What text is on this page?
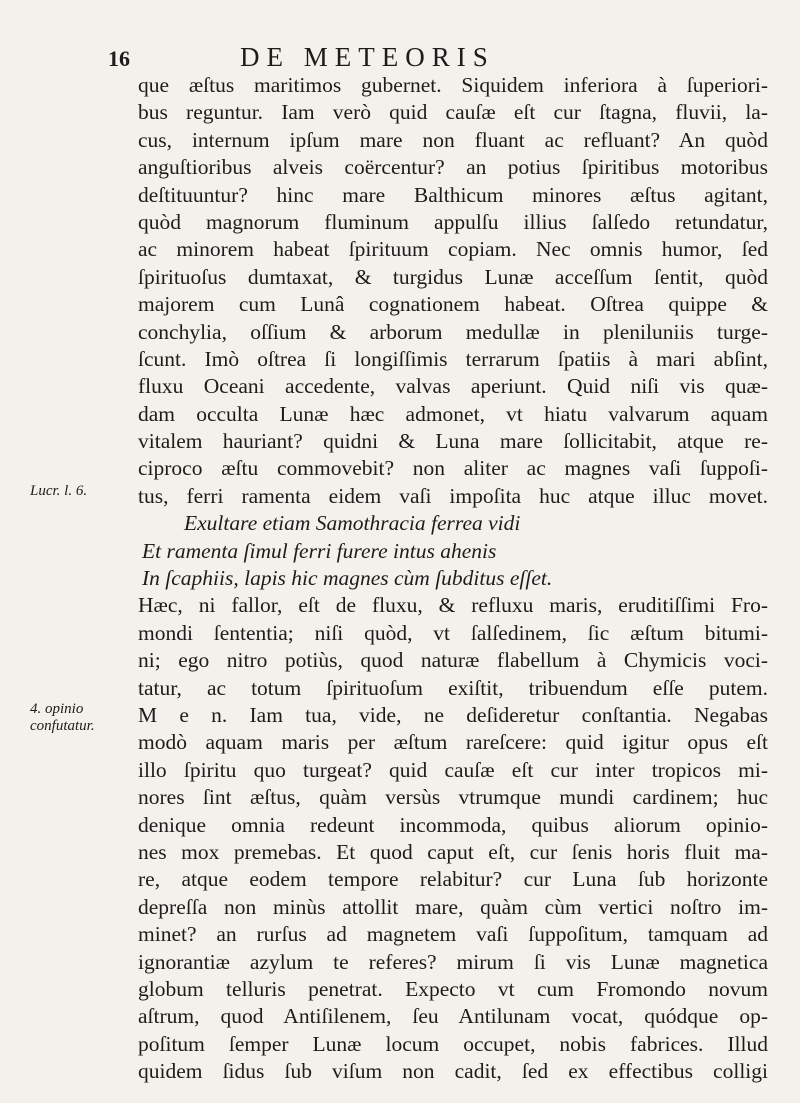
16	DE METEORIS
Lucr. l. 6.
4. opinio confutatur.
que æſtus maritimos gubernet. Siquidem inferiora à ſuperiori-
bus reguntur. Iam verò quid cauſæ eſt cur ſtagna, fluvii, la-
cus, internum ipſum mare non fluant ac refluant? An quòd
anguſtioribus alveis coërcentur? an potius ſpiritibus motoribus
deſtituuntur? hinc mare Balthicum minores æſtus agitant,
quòd magnorum fluminum appulſu illius ſalſedo retundatur,
ac minorem habeat ſpirituum copiam. Nec omnis humor, ſed
ſpirituoſus dumtaxat, & turgidus Lunæ acceſſum ſentit, quòd
majorem cum Lunâ cognationem habeat. Oſtrea quippe &
conchylia, oſſium & arborum medullæ in pleniluniis turge-
ſcunt. Imò oſtrea ſi longiſſimis terrarum ſpatiis à mari abſint,
fluxu Oceani accedente, valvas aperiunt. Quid niſi vis quæ-
dam occulta Lunæ hæc admonet, vt hiatu valvarum aquam
vitalem hauriant? quidni & Luna mare ſollicitabit, atque re-
ciproco æſtu commovebit? non aliter ac magnes vaſi ſuppoſi-
tus, ferri ramenta eidem vaſi impoſita huc atque illuc movet.
Exultare etiam Samothracia ferrea vidi
Et ramenta ſimul ferri furere intus ahenis
In ſcaphiis, lapis hic magnes cùm ſubditus eſſet.
Hæc, ni fallor, eſt de fluxu, & refluxu maris, eruditiſſimi Fro-
mondi ſententia; niſi quòd, vt ſalſedinem, ſic æſtum bitumi-
ni; ego nitro potiùs, quod naturæ flabellum à Chymicis voci-
tatur, ac totum ſpirituoſum exiſtit, tribuendum eſſe putem.
M e n. Iam tua, vide, ne deſideretur conſtantia. Negabas
modò aquam maris per æſtum rareſcere: quid igitur opus eſt
illo ſpiritu quo turgeat? quid cauſæ eſt cur inter tropicos mi-
nores ſint æſtus, quàm versùs vtrumque mundi cardinem; huc
denique omnia redeunt incommoda, quibus aliorum opinio-
nes mox premebas. Et quod caput eſt, cur ſenis horis fluit ma-
re, atque eodem tempore relabitur? cur Luna ſub horizonte
depreſſa non minùs attollit mare, quàm cùm vertici noſtro im-
minet? an rurſus ad magnetem vaſi ſuppoſitum, tamquam ad
ignorantiæ azylum te referes? mirum ſi vis Lunæ magnetica
globum telluris penetrat. Expecto vt cum Fromondo novum
aſtrum, quod Antiſilenem, ſeu Antilunam vocat, quódque op-
poſitum ſemper Lunæ locum occupet, nobis fabrices. Illud
quidem ſidus ſub viſum non cadit, ſed ex effectibus colligi
